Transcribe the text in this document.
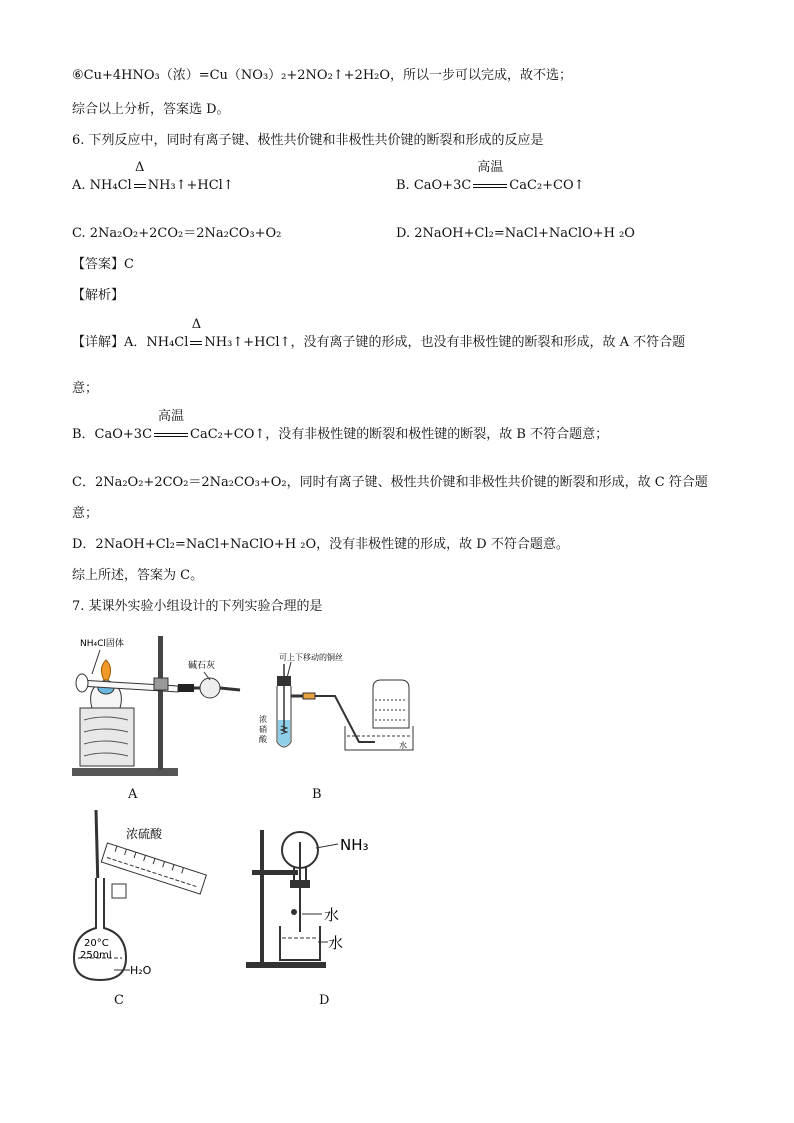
⑥Cu+4HNO₃（浓）=Cu（NO₃）₂+2NO₂↑+2H₂O，所以一步可以完成，故不选；
综合以上分析，答案选 D。
6. 下列反应中，同时有离子键、极性共价键和非极性共价键的断裂和形成的反应是
A. NH₄Cl
Δ
NH₃↑+HCl↑	B. CaO+3C
高温
CaC₂+CO↑
C. 2Na₂O₂+2CO₂＝2Na₂CO₃+O₂	D. 2NaOH+Cl₂=NaCl+NaClO+H ₂O
【答案】C
【解析】
【详解】A．NH₄Cl
Δ
NH₃↑+HCl↑，没有离子键的形成，也没有非极性键的断裂和形成，故 A 不符合题
意；
B．CaO+3C
高温
CaC₂+CO↑，没有非极性键的断裂和极性键的断裂，故 B 不符合题意；
C．2Na₂O₂+2CO₂＝2Na₂CO₃+O₂，同时有离子键、极性共价键和非极性共价键的断裂和形成，故 C 符合题
意；
D．2NaOH+Cl₂=NaCl+NaClO+H ₂O，没有非极性键的形成，故 D 不符合题意。
综上所述，答案为 C。
7. 某课外实验小组设计的下列实验合理的是
NH₄Cl固体
碱石灰
A
可上下移动的铜丝
浓
硝
酸
水
B
浓硫酸
20°C
250ml
H₂O
C
NH₃
水
水
D
